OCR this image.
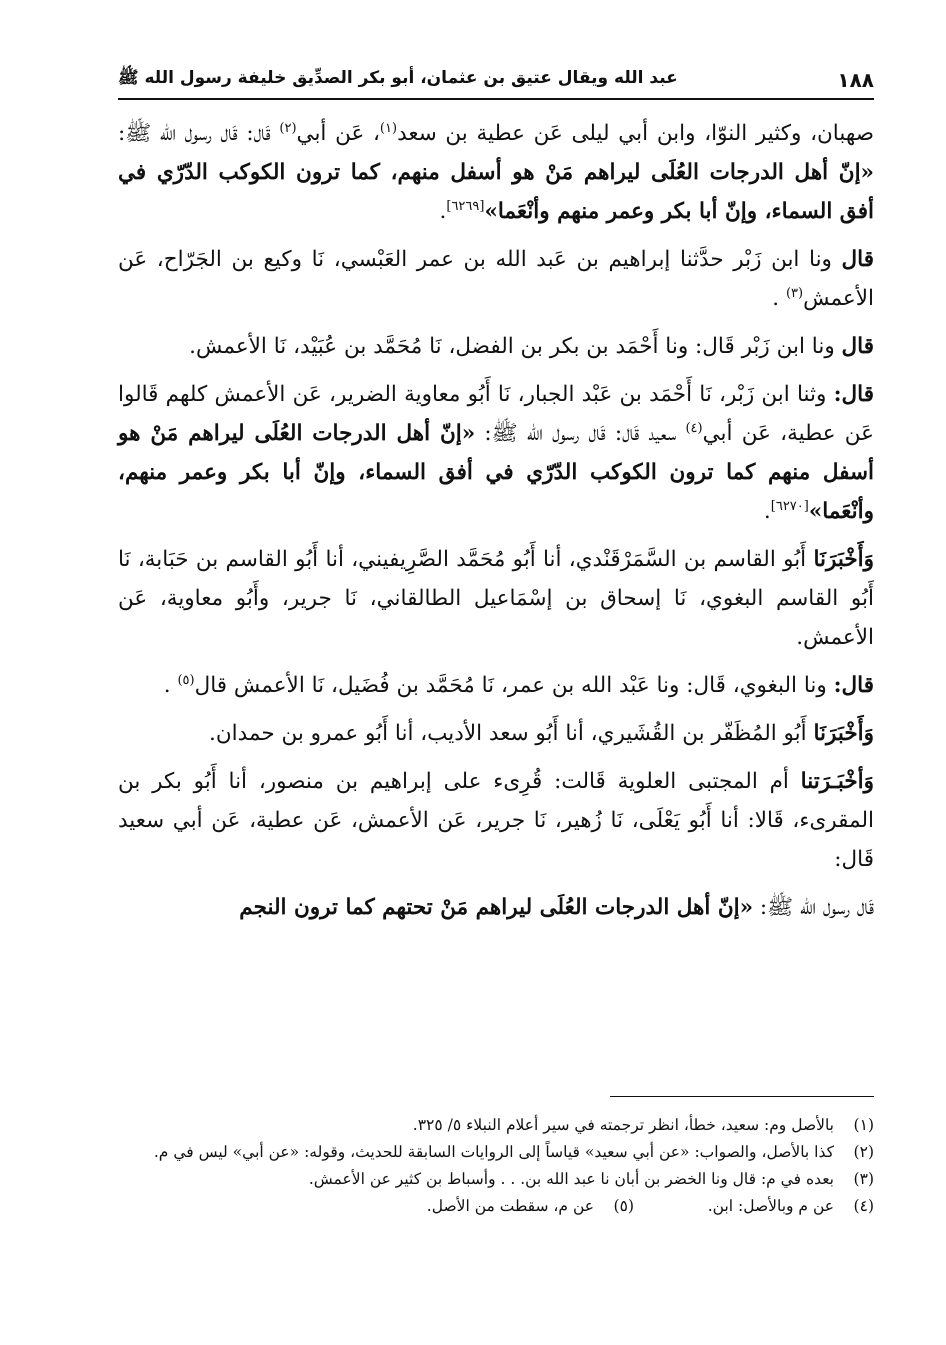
١٨٨
عبد الله ويقال عتيق بن عثمان، أبو بكر الصدِّيق خليفة رسول الله ﷺ

صهبان، وكثير النوّا، وابن أبي ليلى عَن عطية بن سعد$^{(١)}$، عَن أبي$^{(٢)}$ قَال: قَال رسول الله ﷺ: «إنّ أهل الدرجات العُلَى ليراهم مَنْ هو أسفل منهم، كما ترون الكوكب الدّرّي في أفق السماء، وإنّ أبا بكر وعمر منهم وأنْعَما»[٦٢٦٩].

قال ونا ابن زَبْر حدَّثنا إبراهيم بن عَبد الله بن عمر العَبْسي، نَا وكيع بن الجَرّاح، عَن الأعمش$^{(٣)}$ .

قال ونا ابن زَبْر قَال: ونا أَحْمَد بن بكر بن الفضل، نَا مُحَمَّد بن عُبَيْد، نَا الأعمش.

قال: وثنا ابن زَبْر، نَا أَحْمَد بن عَبْد الجبار، نَا أَبُو معاوية الضرير، عَن الأعمش كلهم قَالوا عَن عطية، عَن أبي$^{(٤)}$ سعيد قَال: قَال رسول الله ﷺ: «إنّ أهل الدرجات العُلَى ليراهم مَنْ هو أسفل منهم كما ترون الكوكب الدّرّي في أفق السماء، وإنّ أبا بكر وعمر منهم، وأنْعَما»[٦٢٧٠].

وَأَخْبَرَنَا أَبُو القاسم بن السَّمَرْقَنْدي، أنا أَبُو مُحَمَّد الصَّرِيفيني، أنا أَبُو القاسم بن حَبَابة، نَا أَبُو القاسم البغوي، نَا إسحاق بن إسْمَاعيل الطالقاني، نَا جرير، وأَبُو معاوية، عَن الأعمش.

قال: ونا البغوي، قَال: ونا عَبْد الله بن عمر، نَا مُحَمَّد بن فُضَيل، نَا الأعمش قال$^{(٥)}$ .

وَأَخْبَرَنَا أَبُو المُظَفّر بن القُشَيري، أنا أَبُو سعد الأديب، أنا أَبُو عمرو بن حمدان.

وَأخْبَـرَتنا أم المجتبى العلوية قَالت: قُرِىء على إبراهيم بن منصور، أنا أَبُو بكر بن المقرىء، قَالا: أنا أَبُو يَعْلَى، نَا زُهير، نَا جرير، عَن الأعمش، عَن عطية، عَن أبي سعيد قَال:

قَال رسول الله ﷺ: «إنّ أهل الدرجات العُلَى ليراهم مَنْ تحتهم كما ترون النجم

(١)
بالأصل وم: سعيد، خطأ، انظر ترجمته في سير أعلام النبلاء ٥/ ٣٢٥.
(٢)
كذا بالأصل، والصواب: «عن أبي سعيد» قياساً إلى الروايات السابقة للحديث، وقوله: «عن أبي» ليس في م.
(٣)
بعده في م: قال ونا الخضر بن أبان نا عبد الله بن. . . وأسباط بن كثير عن الأعمش.
(٤)
عن م وبالأصل: ابن.
(٥)
عن م، سقطت من الأصل.
